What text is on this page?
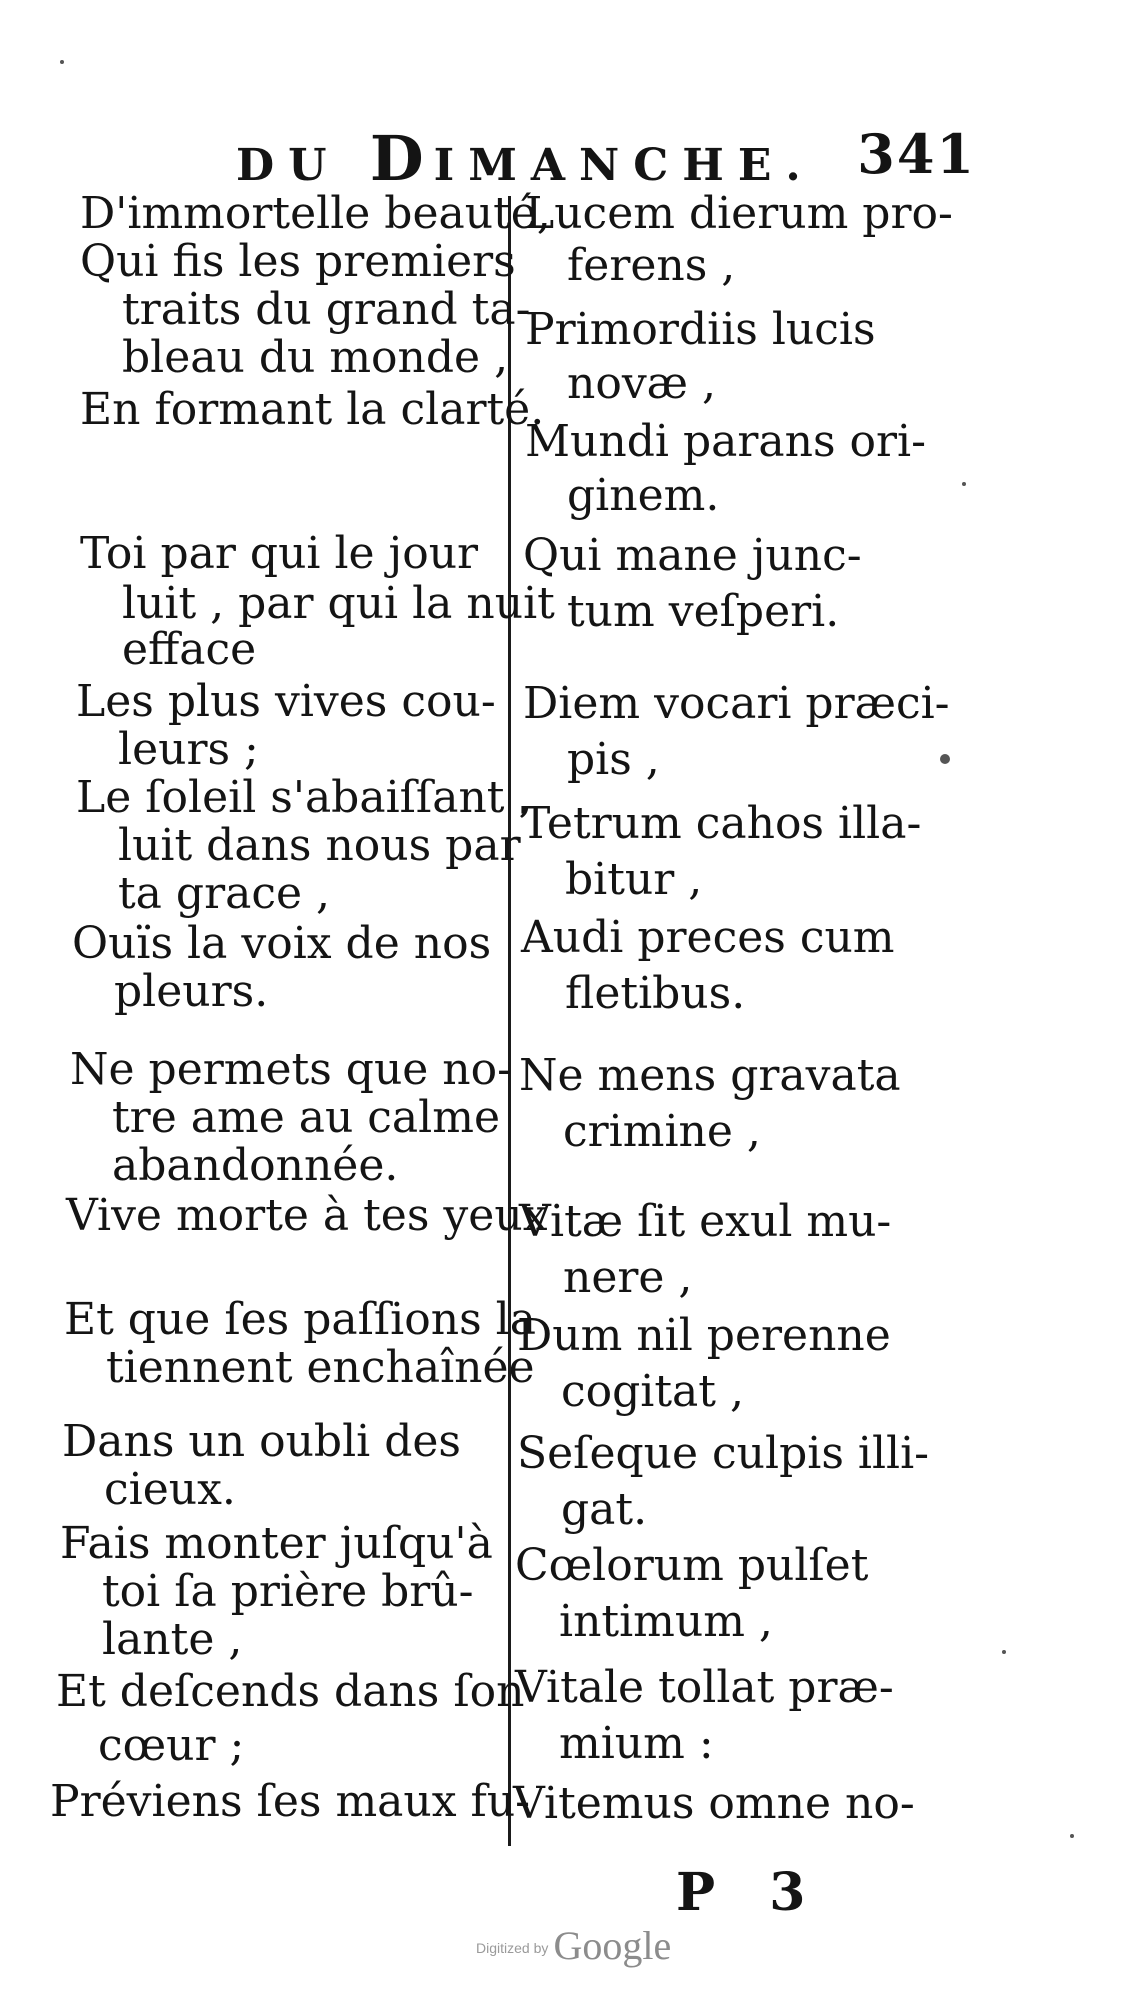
DU DIMANCHE. 341
D'immortelle beauté,
Qui fis les premiers
traits du grand ta-
bleau du monde ,
En formant la clarté.
Toi par qui le jour
luit , par qui la nuit
efface
Les plus vives cou-
leurs ;
Le ſoleil s'abaiſſant ,
luit dans nous par
ta grace ,
Ouïs la voix de nos
pleurs.
Ne permets que no-
tre ame au calme
abandonnée.
Vive morte à tes yeux
Et que ſes paſſions la
tiennent enchaînée
Dans un oubli des
cieux.
Fais monter juſqu'à
toi ſa prière brû-
lante ,
Et deſcends dans ſon
cœur ;
Préviens ſes maux fu-
Lucem dierum pro-
ferens ,
Primordiis lucis
novæ ,
Mundi parans ori-
ginem.
Qui mane junc-
tum veſperi.
Diem vocari præci-
pis ,
Tetrum cahos illa-
bitur ,
Audi preces cum
fletibus.
Ne mens gravata
crimine ,
Vitæ ſit exul mu-
nere ,
Dum nil perenne
cogitat ,
Seſeque culpis illi-
gat.
Cœlorum pulſet
intimum ,
Vitale tollat præ-
mium :
Vitemus omne no-
P 3
Digitized by Google
